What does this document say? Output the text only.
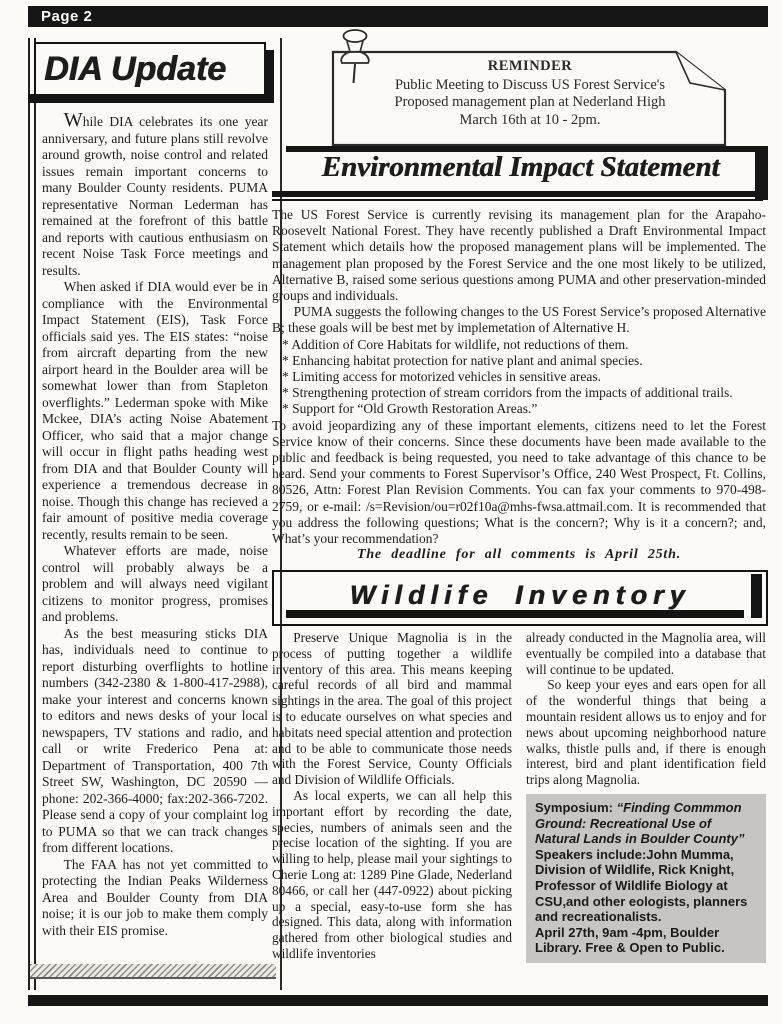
Page 2
DIA Update

While DIA celebrates its one year anniversary, and future plans still revolve around growth, noise control and related issues remain important concerns to many Boulder County residents. PUMA representative Norman Lederman has remained at the forefront of this battle and reports with cautious enthusiasm on recent Noise Task Force meetings and results.

When asked if DIA would ever be in compliance with the Environmental Impact Statement (EIS), Task Force officials said yes. The EIS states: “noise from aircraft departing from the new airport heard in the Boulder area will be somewhat lower than from Stapleton overflights.” Lederman spoke with Mike Mckee, DIA’s acting Noise Abatement Officer, who said that a major change will occur in flight paths heading west from DIA and that Boulder County will experience a tremendous decrease in noise. Though this change has recieved a fair amount of positive media coverage recently, results remain to be seen.

Whatever efforts are made, noise control will probably always be a problem and will always need vigilant citizens to monitor progress, promises and problems.

As the best measuring sticks DIA has, individuals need to continue to report disturbing overflights to hotline numbers (342-2380 & 1-800-417-2988), make your interest and concerns known to editors and news desks of your local newspapers, TV stations and radio, and call or write Frederico Pena at: Department of Transportation, 400 7th Street SW, Washington, DC 20590 — phone: 202-366-4000; fax:202-366-7202. Please send a copy of your complaint log to PUMA so that we can track changes from different locations.

The FAA has not yet committed to protecting the Indian Peaks Wilderness Area and Boulder County from DIA noise; it is our job to make them comply with their EIS promise.

REMINDER
Public Meeting to Discuss US Forest Service's
Proposed management plan at Nederland High
March 16th at 10 - 2pm.
Environmental Impact Statement

The US Forest Service is currently revising its management plan for the Arapaho-Roosevelt National Forest. They have recently published a Draft Environmental Impact Statement which details how the proposed management plans will be implemented. The management plan proposed by the Forest Service and the one most likely to be utilized, Alternative B, raised some serious questions among PUMA and other preservation-minded groups and individuals.

PUMA suggests the following changes to the US Forest Service’s proposed Alternative B; these goals will be best met by implemetation of Alternative H.

* Addition of Core Habitats for wildlife, not reductions of them.
* Enhancing habitat protection for native plant and animal species.
* Limiting access for motorized vehicles in sensitive areas.
* Strengthening protection of stream corridors from the impacts of additional trails.
* Support for “Old Growth Restoration Areas.”

To avoid jeopardizing any of these important elements, citizens need to let the Forest Service know of their concerns. Since these documents have been made available to the public and feedback is being requested, you need to take advantage of this chance to be heard. Send your comments to Forest Supervisor’s Office, 240 West Prospect, Ft. Collins, 80526, Attn: Forest Plan Revision Comments. You can fax your comments to 970-498-2759, or e-mail: /s=Revision/ou=r02f10a@mhs-fwsa.attmail.com. It is recommended that you address the following questions; What is the concern?; Why is it a concern?; and, What’s your recommendation?

The deadline for all comments is April 25th.

Wildlife Inventory

Preserve Unique Magnolia is in the process of putting together a wildlife inventory of this area. This means keeping careful records of all bird and mammal sightings in the area. The goal of this project is to educate ourselves on what species and habitats need special attention and protection and to be able to communicate those needs with the Forest Service, County Officials and Division of Wildlife Officials.

As local experts, we can all help this important effort by recording the date, species, numbers of animals seen and the precise location of the sighting. If you are willing to help, please mail your sightings to Cherie Long at: 1289 Pine Glade, Nederland 80466, or call her (447-0922) about picking up a special, easy-to-use form she has designed. This data, along with information gathered from other biological studies and wildlife inventories

already conducted in the Magnolia area, will eventually be compiled into a database that will continue to be updated.

So keep your eyes and ears open for all of the wonderful things that being a mountain resident allows us to enjoy and for news about upcoming neighborhood nature walks, thistle pulls and, if there is enough interest, bird and plant identification field trips along Magnolia.

Symposium: “Finding Commmon Ground: Recreational Use of Natural Lands in Boulder County” Speakers include:John Mumma, Division of Wildlife, Rick Knight, Professor of Wildlife Biology at CSU,and other eologists, planners and recreationalists.

April 27th, 9am -4pm, Boulder Library. Free & Open to Public.
